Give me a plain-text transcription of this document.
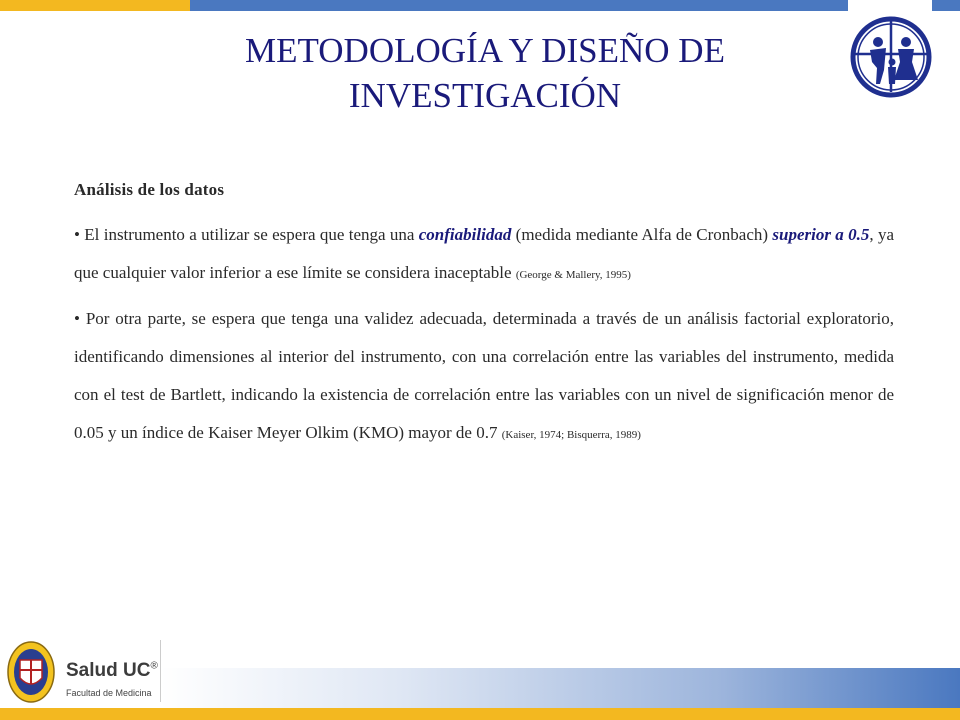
METODOLOGÍA Y DISEÑO DE
INVESTIGACIÓN

Análisis de los datos

• El instrumento a utilizar se espera que tenga una confiabilidad (medida mediante Alfa de Cronbach) superior a 0.5, ya que cualquier valor inferior a ese límite se considera inaceptable (George & Mallery, 1995)

• Por otra parte, se espera que tenga una validez adecuada, determinada a través de un análisis factorial exploratorio, identificando dimensiones al interior del instrumento, con una correlación entre las variables del instrumento, medida con el test de Bartlett, indicando la existencia de correlación entre las variables con un nivel de significación menor de 0.05 y un índice de Kaiser Meyer Olkim (KMO) mayor de 0.7 (Kaiser, 1974; Bisquerra, 1989)

Salud UC®
Facultad de Medicina
